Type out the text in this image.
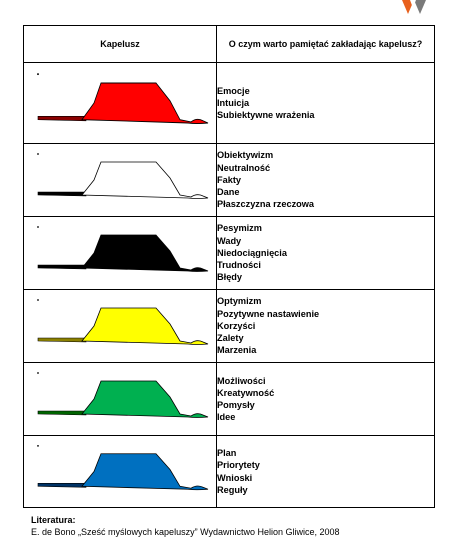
Kapelusz	O czym warto pamiętać zakładając kapelusz?

Emocje
Intuicja
Subiektywne wrażenia

Obiektywizm
Neutralność
Fakty
Dane
Płaszczyzna rzeczowa

Pesymizm
Wady
Niedociągnięcia
Trudności
Błędy

Optymizm
Pozytywne nastawienie
Korzyści
Zalety
Marzenia

Możliwości
Kreatywność
Pomysły
Idee

Plan
Priorytety
Wnioski
Reguły
Literatura:
E. de Bono „Sześć myślowych kapeluszy” Wydawnictwo Helion Gliwice, 2008
